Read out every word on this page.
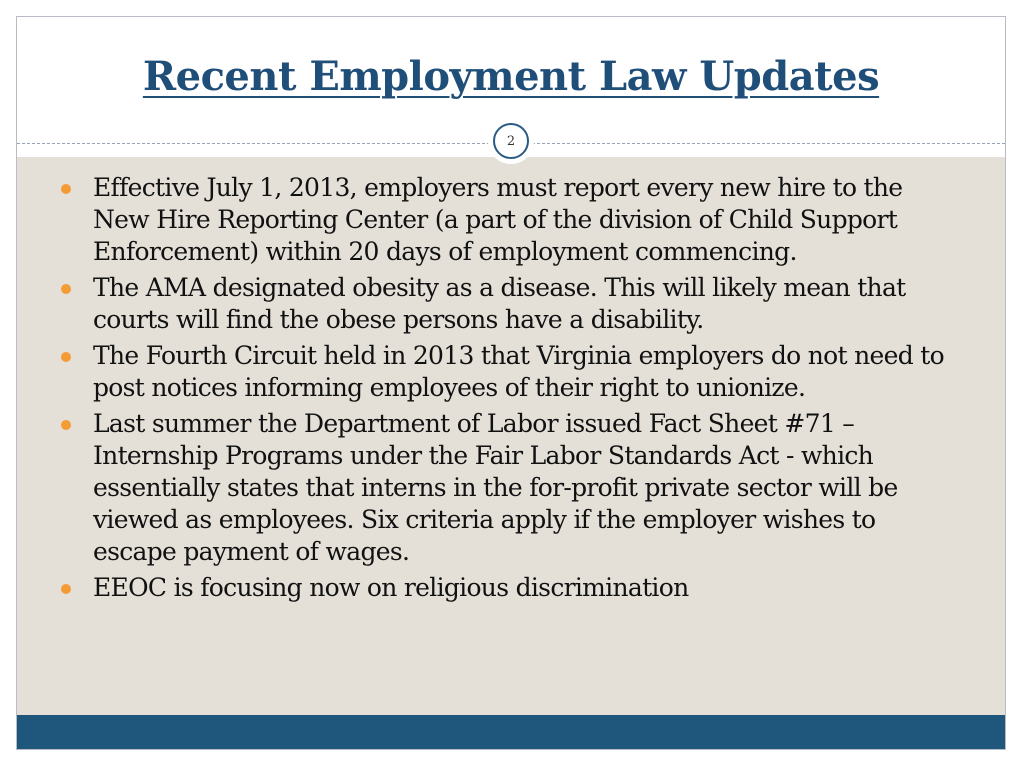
Recent Employment Law Updates
2
Effective July 1, 2013, employers must report every new hire to the New Hire Reporting Center (a part of the division of Child Support Enforcement) within 20 days of employment commencing.
The AMA designated obesity as a disease. This will likely mean that courts will find the obese persons have a disability.
The Fourth Circuit held in 2013 that Virginia employers do not need to post notices informing employees of their right to unionize.
Last summer the Department of Labor issued Fact Sheet #71 – Internship Programs under the Fair Labor Standards Act - which essentially states that interns in the for-profit private sector will be viewed as employees. Six criteria apply if the employer wishes to escape payment of wages.
EEOC is focusing now on religious discrimination
